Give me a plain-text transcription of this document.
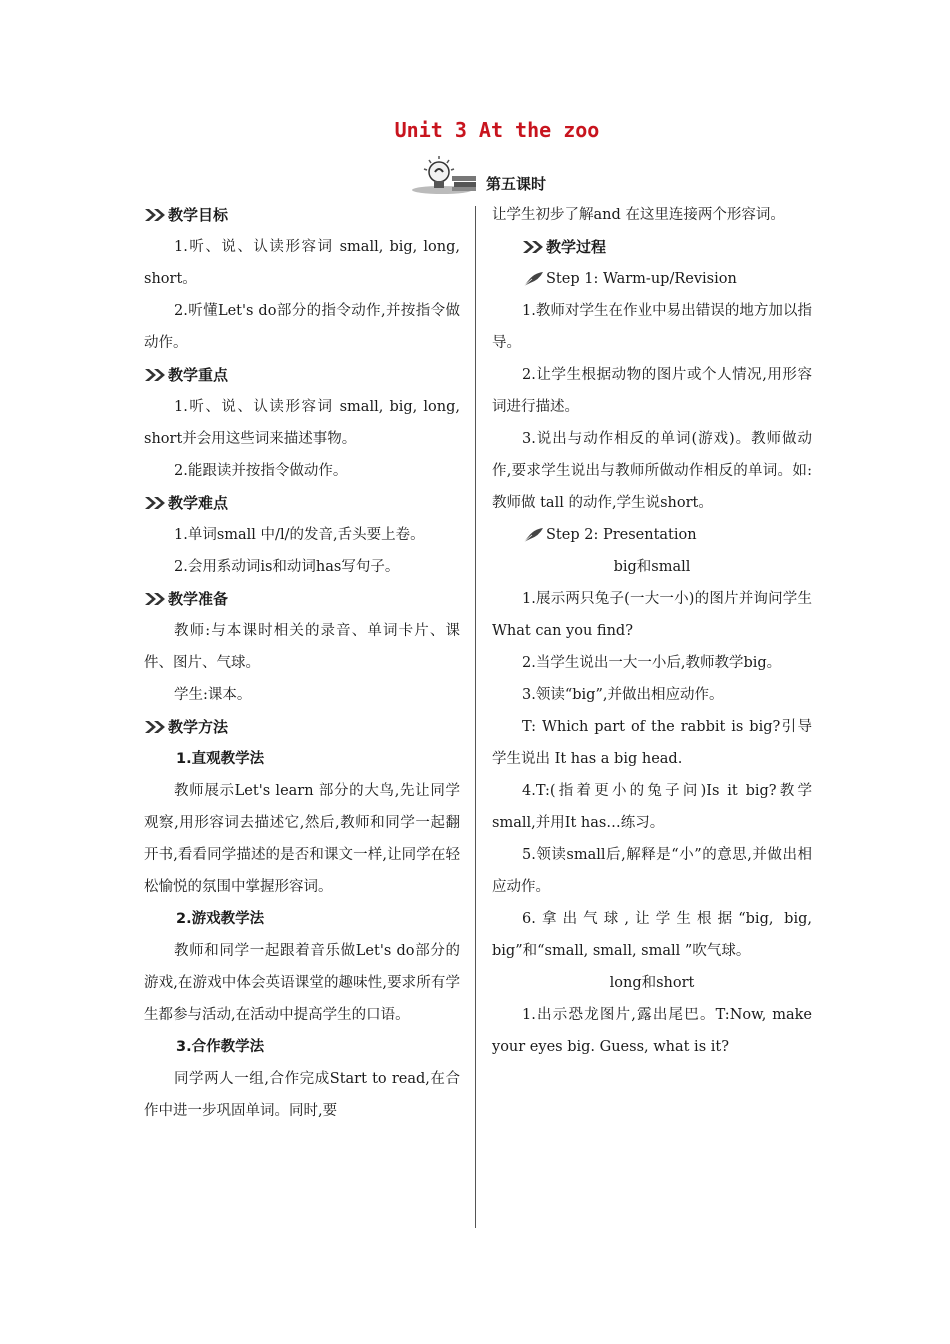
Unit 3 At the zoo
第五课时
教学目标

1.听、说、认读形容词 small, big, long, short。

2.听懂Let's do部分的指令动作,并按指令做动作。

教学重点

1.听、说、认读形容词 small, big, long, short并会用这些词来描述事物。

2.能跟读并按指令做动作。

教学难点

1.单词small 中/l/的发音,舌头要上卷。

2.会用系动词is和动词has写句子。

教学准备

教师:与本课时相关的录音、单词卡片、课件、图片、气球。

学生:课本。

教学方法
1.直观教学法

教师展示Let's learn 部分的大鸟,先让同学观察,用形容词去描述它,然后,教师和同学一起翻开书,看看同学描述的是否和课文一样,让同学在轻松愉悦的氛围中掌握形容词。

2.游戏教学法

教师和同学一起跟着音乐做Let's do部分的游戏,在游戏中体会英语课堂的趣味性,要求所有学生都参与活动,在活动中提高学生的口语。

3.合作教学法

同学两人一组,合作完成Start to read,在合作中进一步巩固单词。同时,要

让学生初步了解and 在这里连接两个形容词。

教学过程
Step 1: Warm-up/Revision

1.教师对学生在作业中易出错误的地方加以指导。

2.让学生根据动物的图片或个人情况,用形容词进行描述。

3.说出与动作相反的单词(游戏)。教师做动作,要求学生说出与教师所做动作相反的单词。如:教师做 tall 的动作,学生说short。

Step 2: Presentation
big和small

1.展示两只兔子(一大一小)的图片并询问学生 What can you find?

2.当学生说出一大一小后,教师教学big。

3.领读“big”,并做出相应动作。

T: Which part of the rabbit is big?引导学生说出 It has a big head.

4.T:(指着更小的兔子问)Is it big?教学small,并用It has…练习。

5.领读small后,解释是“小”的意思,并做出相应动作。

6.拿出气球,让学生根据“big, big, big”和“small, small, small ”吹气球。

long和short

1.出示恐龙图片,露出尾巴。T:Now, make your eyes big. Guess, what is it?
